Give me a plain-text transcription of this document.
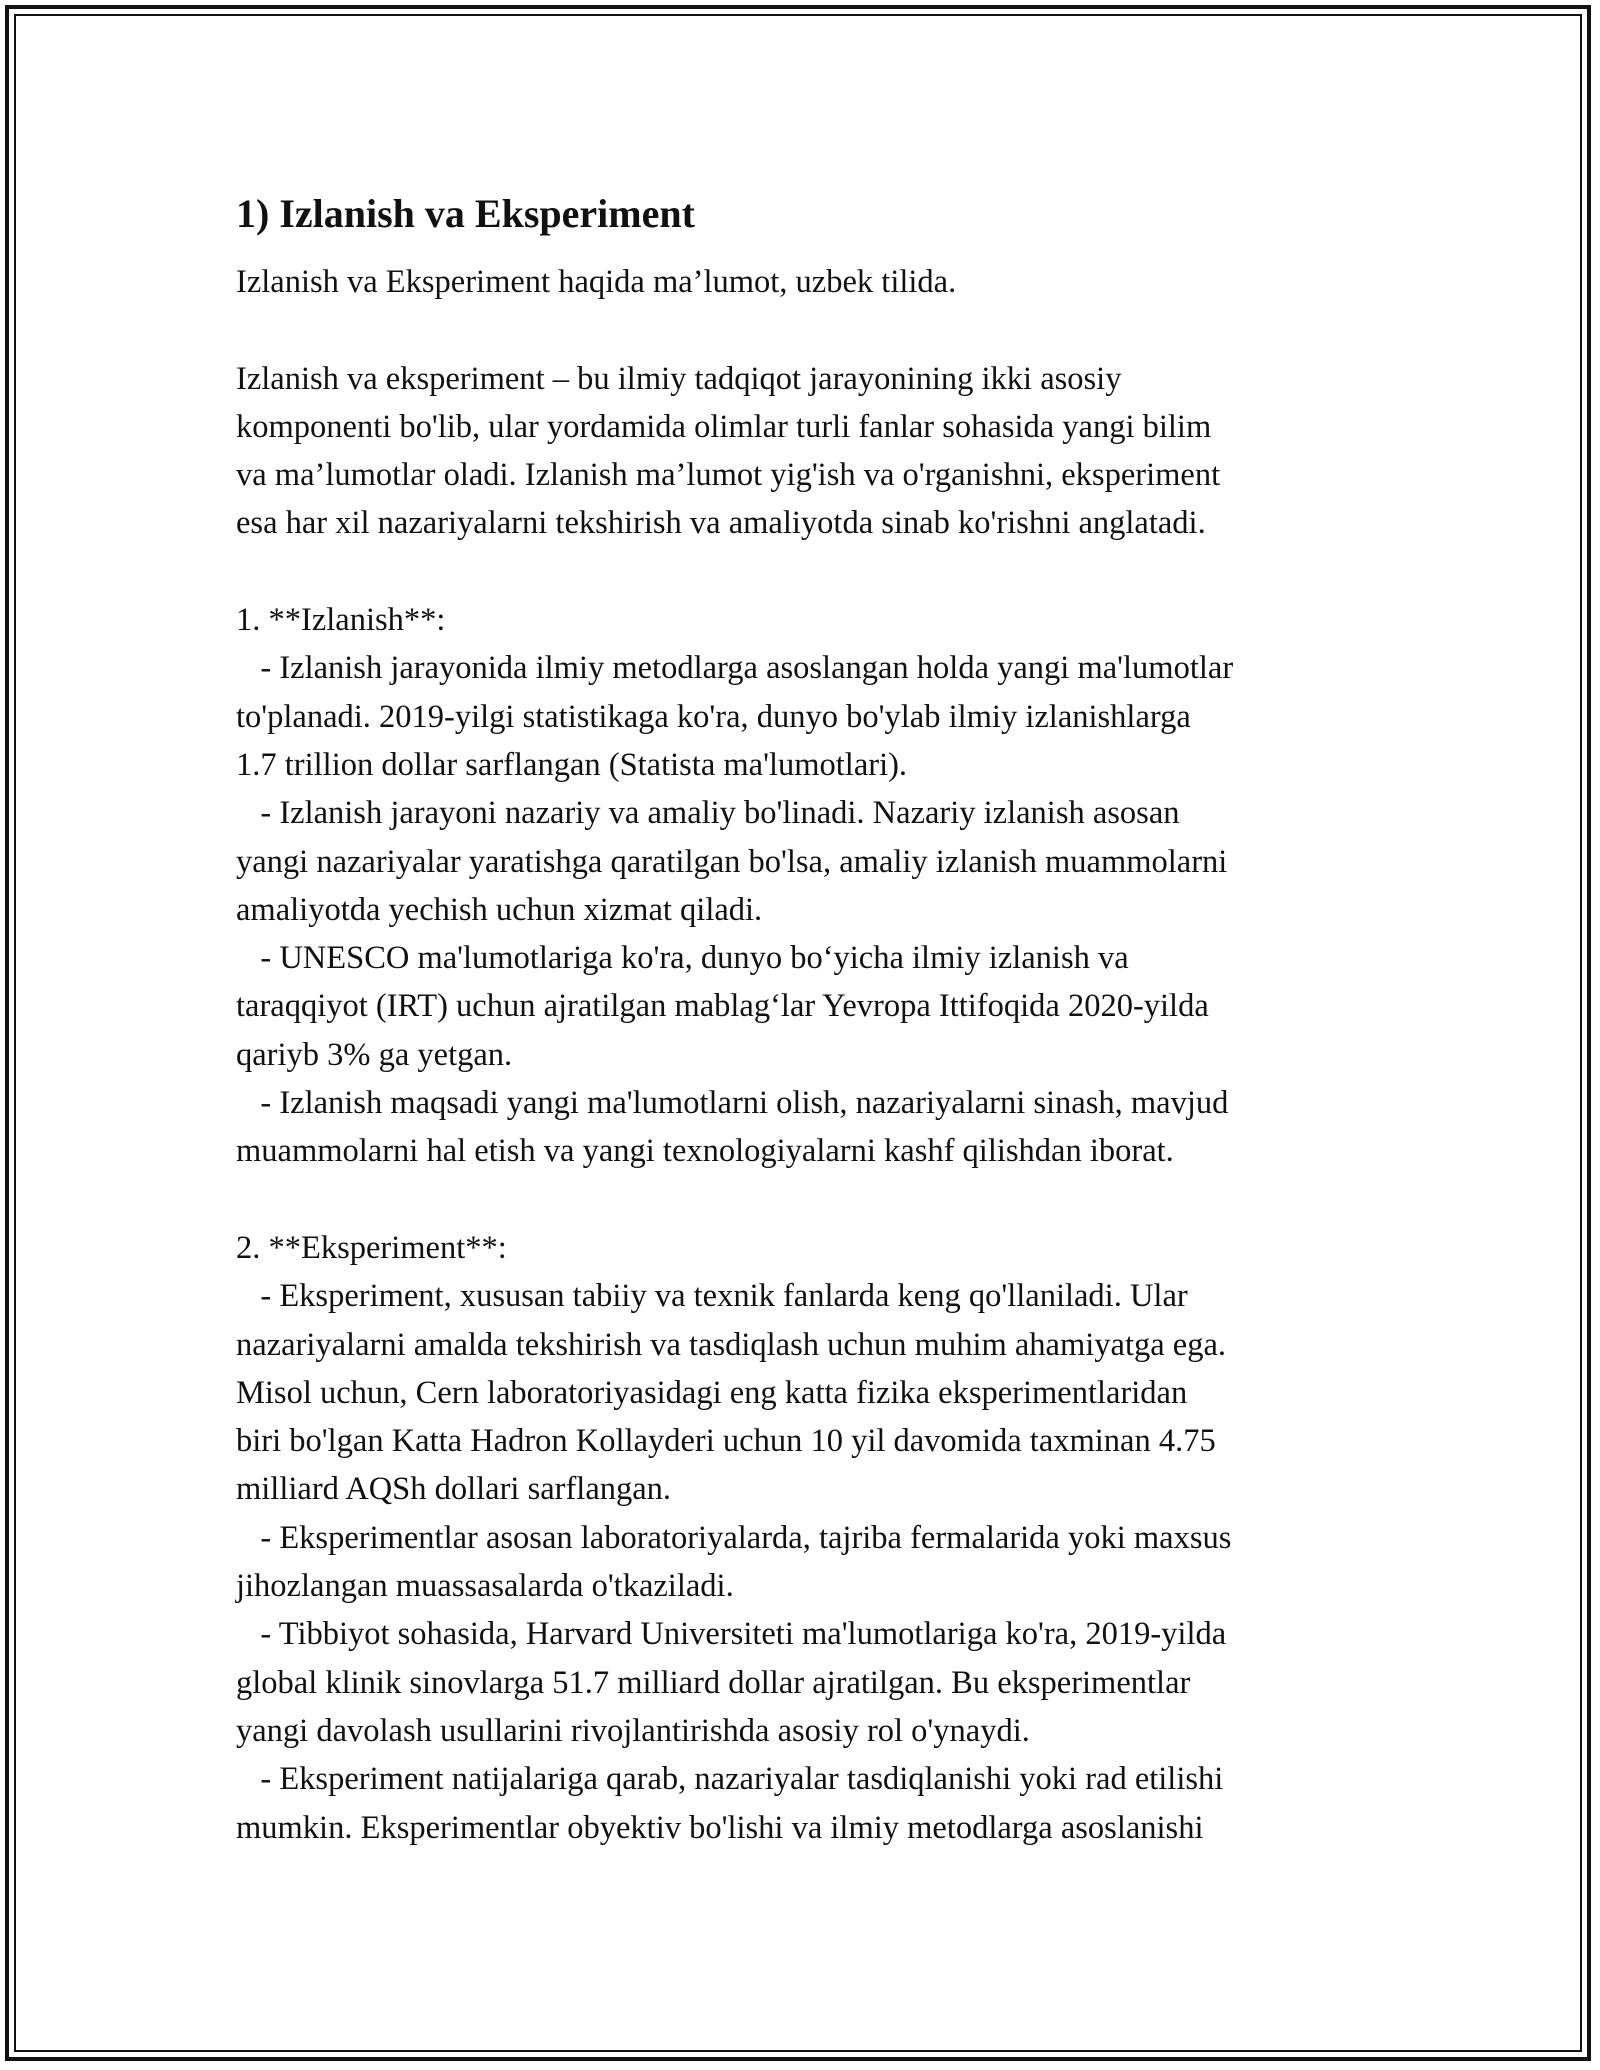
1) Izlanish va Eksperiment
Izlanish va Eksperiment haqida ma’lumot, uzbek tilida.
Izlanish va eksperiment – bu ilmiy tadqiqot jarayonining ikki asosiy
komponenti bo'lib, ular yordamida olimlar turli fanlar sohasida yangi bilim
va ma’lumotlar oladi. Izlanish ma’lumot yig'ish va o'rganishni, eksperiment
esa har xil nazariyalarni tekshirish va amaliyotda sinab ko'rishni anglatadi.
1. **Izlanish**:
- Izlanish jarayonida ilmiy metodlarga asoslangan holda yangi ma'lumotlar
to'planadi. 2019-yilgi statistikaga ko'ra, dunyo bo'ylab ilmiy izlanishlarga
1.7 trillion dollar sarflangan (Statista ma'lumotlari).
- Izlanish jarayoni nazariy va amaliy bo'linadi. Nazariy izlanish asosan
yangi nazariyalar yaratishga qaratilgan bo'lsa, amaliy izlanish muammolarni
amaliyotda yechish uchun xizmat qiladi.
- UNESCO ma'lumotlariga ko'ra, dunyo bo‘yicha ilmiy izlanish va
taraqqiyot (IRT) uchun ajratilgan mablag‘lar Yevropa Ittifoqida 2020-yilda
qariyb 3% ga yetgan.
- Izlanish maqsadi yangi ma'lumotlarni olish, nazariyalarni sinash, mavjud
muammolarni hal etish va yangi texnologiyalarni kashf qilishdan iborat.
2. **Eksperiment**:
- Eksperiment, xususan tabiiy va texnik fanlarda keng qo'llaniladi. Ular
nazariyalarni amalda tekshirish va tasdiqlash uchun muhim ahamiyatga ega.
Misol uchun, Cern laboratoriyasidagi eng katta fizika eksperimentlaridan
biri bo'lgan Katta Hadron Kollayderi uchun 10 yil davomida taxminan 4.75
milliard AQSh dollari sarflangan.
- Eksperimentlar asosan laboratoriyalarda, tajriba fermalarida yoki maxsus
jihozlangan muassasalarda o'tkaziladi.
- Tibbiyot sohasida, Harvard Universiteti ma'lumotlariga ko'ra, 2019-yilda
global klinik sinovlarga 51.7 milliard dollar ajratilgan. Bu eksperimentlar
yangi davolash usullarini rivojlantirishda asosiy rol o'ynaydi.
- Eksperiment natijalariga qarab, nazariyalar tasdiqlanishi yoki rad etilishi
mumkin. Eksperimentlar obyektiv bo'lishi va ilmiy metodlarga asoslanishi
